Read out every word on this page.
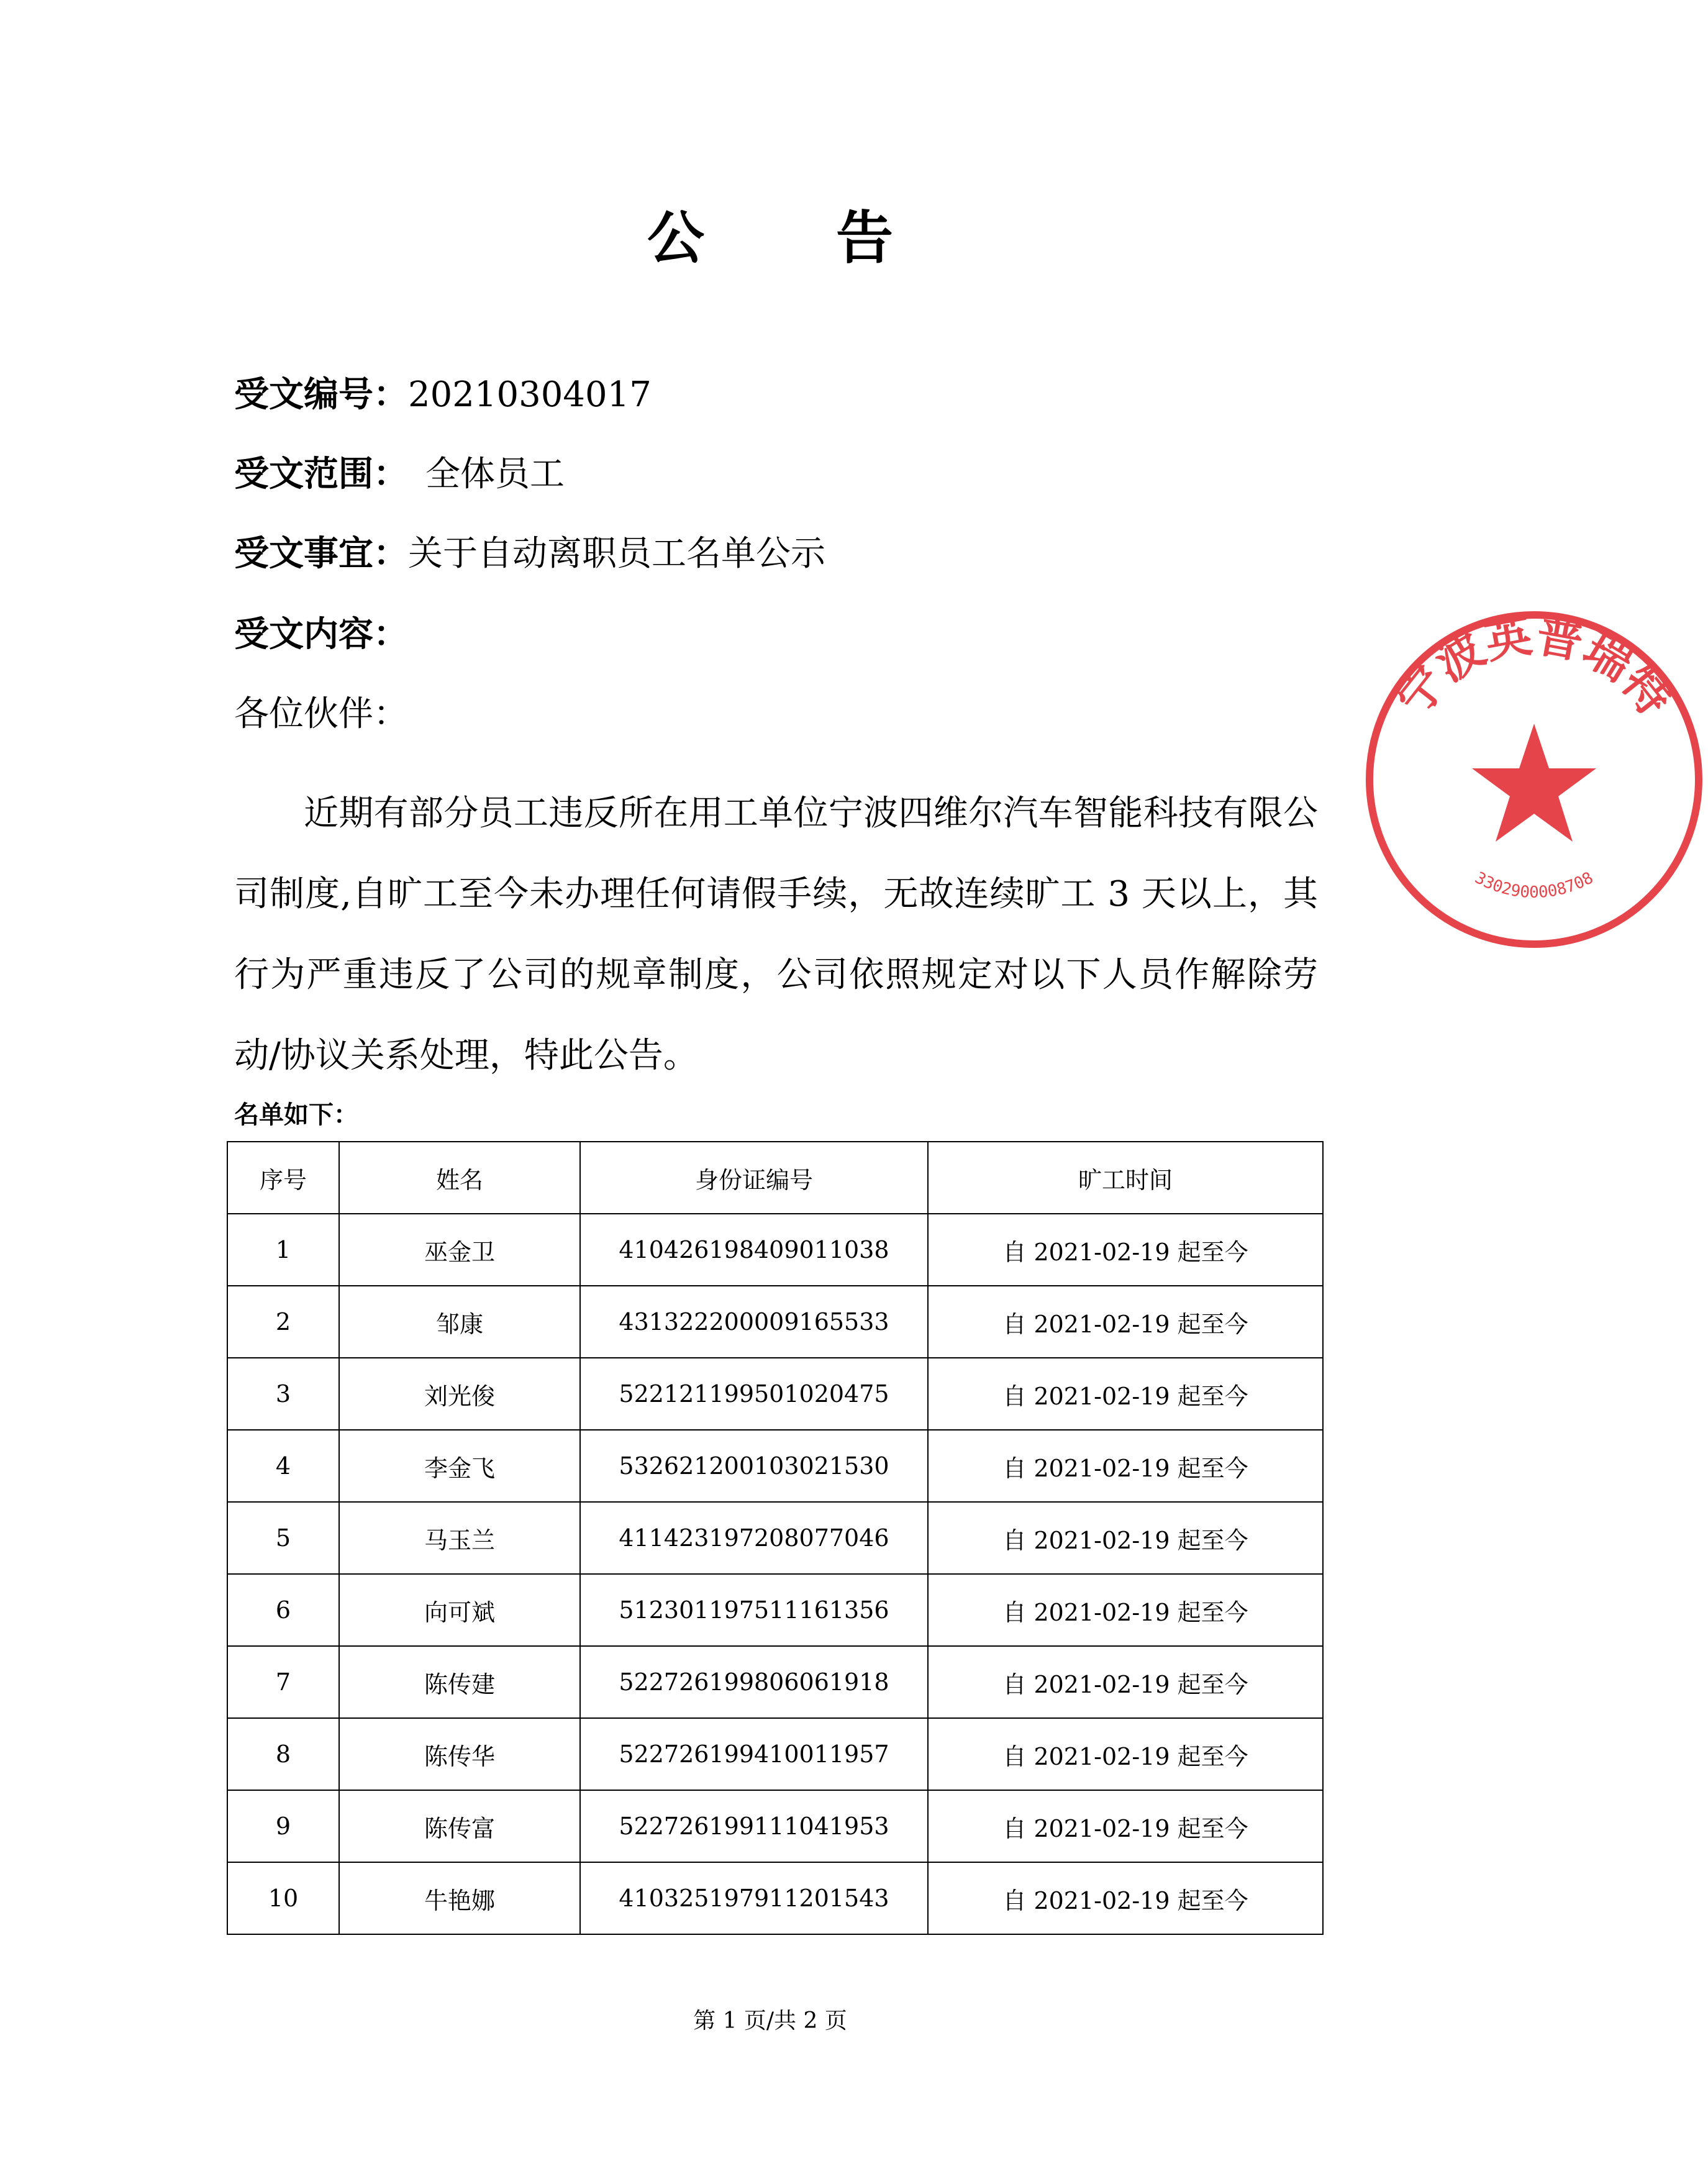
公 告
受文编号：20210304017
受文范围：　全体员工
受文事宜：关于自动离职员工名单公示
受文内容：
各位伙伴：
近期有部分员工违反所在用工单位宁波四维尔汽车智能科技有限公司制度,自旷工至今未办理任何请假手续，无故连续旷工 3 天以上，其行为严重违反了公司的规章制度，公司依照规定对以下人员作解除劳动/协议关系处理，特此公告。
名单如下：
序号	姓名	身份证编号	旷工时间
1	巫金卫	410426198409011038	自 2021-02-19 起至今
2	邹康	431322200009165533	自 2021-02-19 起至今
3	刘光俊	522121199501020475	自 2021-02-19 起至今
4	李金飞	532621200103021530	自 2021-02-19 起至今
5	马玉兰	411423197208077046	自 2021-02-19 起至今
6	向可斌	512301197511161356	自 2021-02-19 起至今
7	陈传建	522726199806061918	自 2021-02-19 起至今
8	陈传华	522726199410011957	自 2021-02-19 起至今
9	陈传富	522726199111041953	自 2021-02-19 起至今
10	牛艳娜	410325197911201543	自 2021-02-19 起至今
第 1 页/共 2 页
宁波英普瑞特
3302900008708
